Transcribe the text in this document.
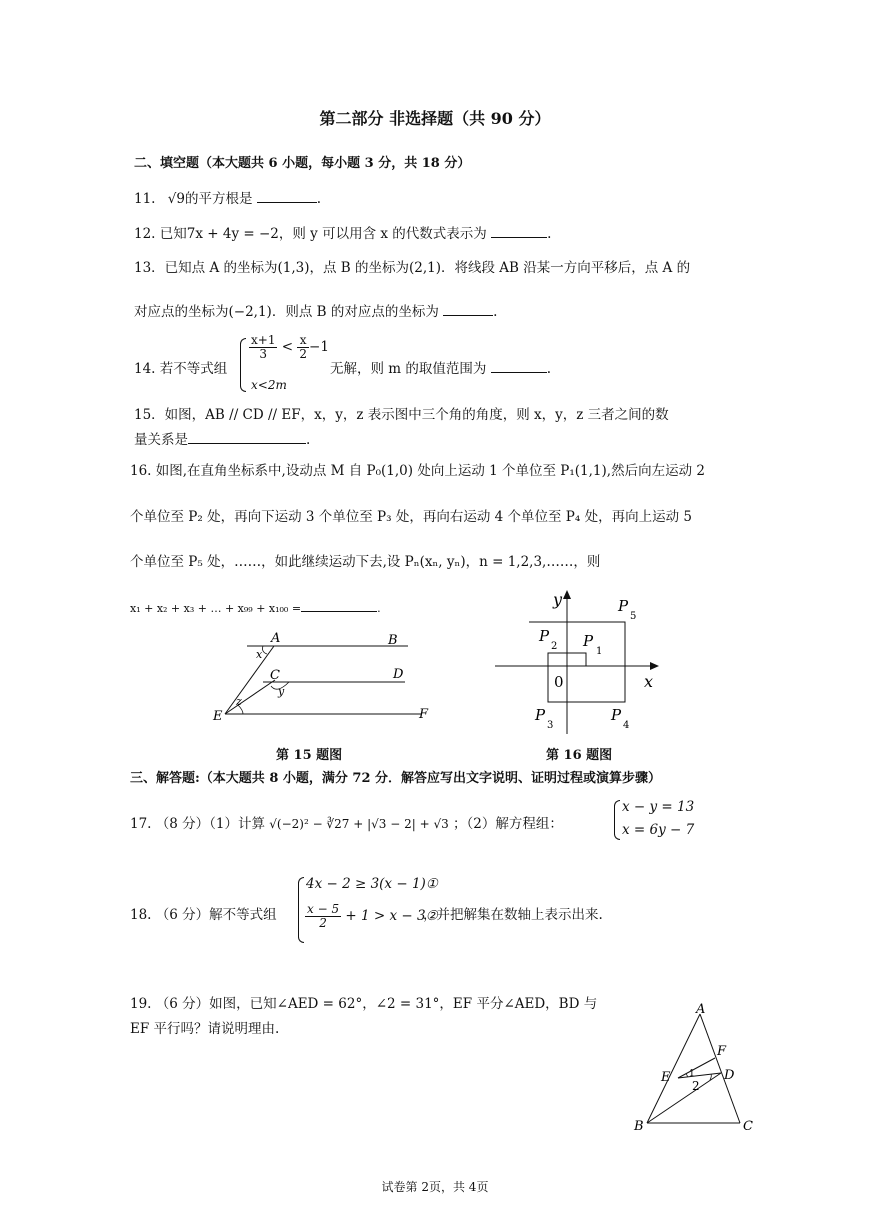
第二部分 非选择题（共 90 分）
二、填空题（本大题共 6 小题，每小题 3 分，共 18 分）
11. √9的平方根是	.
12. 已知7x + 4y = −2，则 y 可以用含 x 的代数式表示为	.
13．已知点 A 的坐标为(1,3)，点 B 的坐标为(2,1)．将线段 AB 沿某一方向平移后，点 A 的
对应点的坐标为(−2,1)．则点 B 的对应点的坐标为	.
14. 若不等式组
$\frac{x+1}{3} < \frac{x}{2} -1$
x<2m
无解，则 m 的取值范围为	.
15．如图，AB // CD // EF，x，y，z 表示图中三个角的角度，则 x，y，z 三者之间的数
量关系是	.
16. 如图,在直角坐标系中,设动点 M 自 P₀(1,0) 处向上运动 1 个单位至 P₁(1,1),然后向左运动 2
个单位至 P₂ 处，再向下运动 3 个单位至 P₃ 处，再向右运动 4 个单位至 P₄ 处，再向上运动 5
个单位至 P₅ 处，……，如此继续运动下去,设 Pₙ(xₙ, yₙ)，n = 1,2,3,……，则
x₁ + x₂ + x₃ + … + x₉₉ + x₁₀₀ =	.
A	B
C	D
E	F
x
y
z
第 15 题图
y
x
0
P
1
P
2
P
3
P
4
P
5
第 16 题图
三、解答题:（本大题共 8 小题，满分 72 分．解答应写出文字说明、证明过程或演算步骤）
17. （8 分）（1）计算 √(−2)² − ∛27 + |√3 − 2| + √3 ；（2）解方程组：
x − y = 13
x = 6y − 7
18. （6 分）解不等式组
4x − 2 ≥ 3(x − 1)①
$\frac{x - 5}{2} + 1 > x$ − 3②
，并把解集在数轴上表示出来.
19. （6 分）如图，已知∠AED = 62°，∠2 = 31°，EF 平分∠AED，BD 与
EF 平行吗？请说明理由.
A
B	C
D
E
F
1
2
试卷第 2页，共 4页
